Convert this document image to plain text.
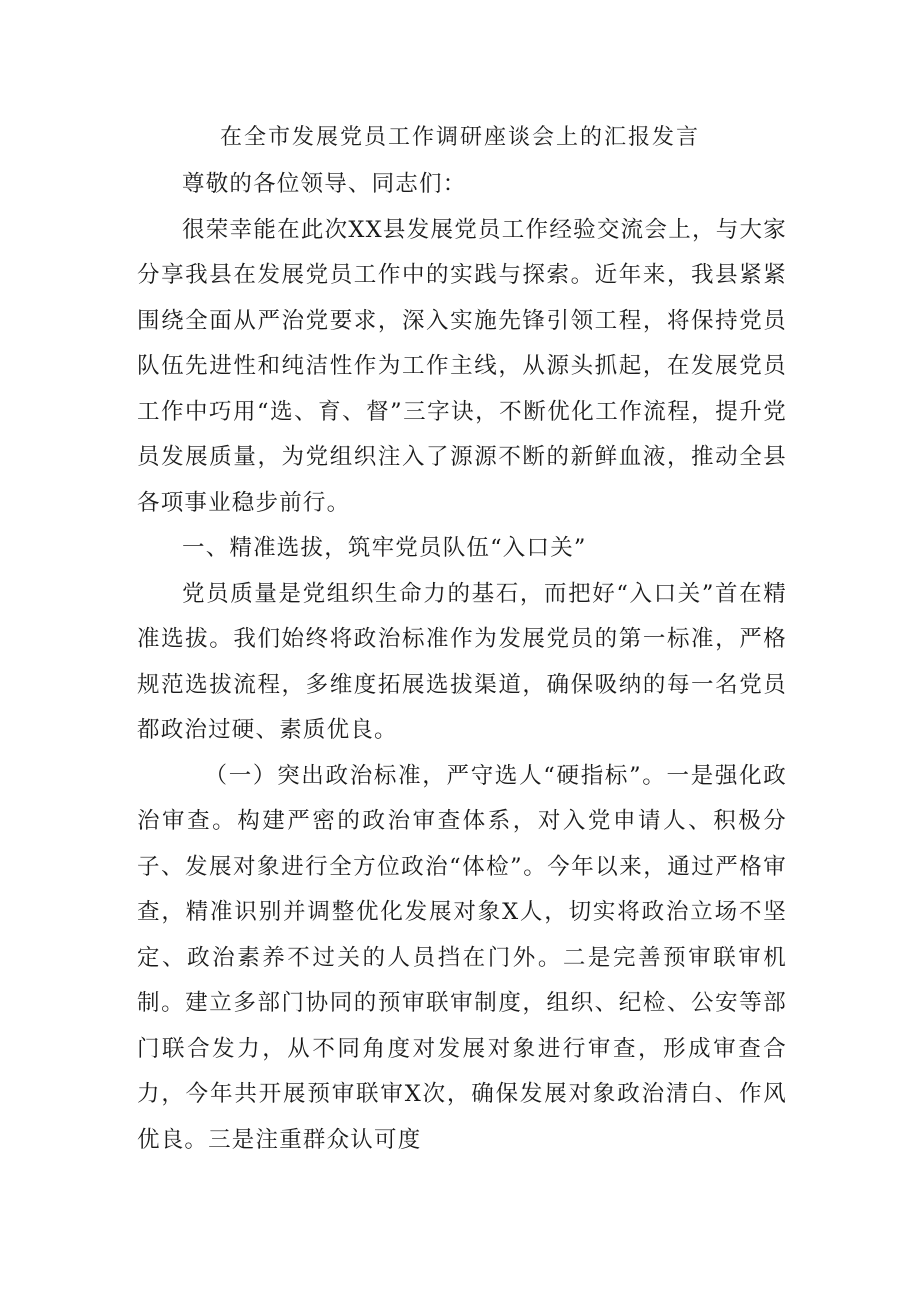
在全市发展党员工作调研座谈会上的汇报发言

尊敬的各位领导、同志们：

很荣幸能在此次XX县发展党员工作经验交流会上，与大家分享我县在发展党员工作中的实践与探索。近年来，我县紧紧围绕全面从严治党要求，深入实施先锋引领工程，将保持党员队伍先进性和纯洁性作为工作主线，从源头抓起，在发展党员工作中巧用“选、育、督”三字诀，不断优化工作流程，提升党员发展质量，为党组织注入了源源不断的新鲜血液，推动全县各项事业稳步前行。

一、精准选拔，筑牢党员队伍“入口关”

党员质量是党组织生命力的基石，而把好“入口关”首在精准选拔。我们始终将政治标准作为发展党员的第一标准，严格规范选拔流程，多维度拓展选拔渠道，确保吸纳的每一名党员都政治过硬、素质优良。

（一）突出政治标准，严守选人“硬指标”。一是强化政治审查。构建严密的政治审查体系，对入党申请人、积极分子、发展对象进行全方位政治“体检”。今年以来，通过严格审查，精准识别并调整优化发展对象X人，切实将政治立场不坚定、政治素养不过关的人员挡在门外。二是完善预审联审机制。建立多部门协同的预审联审制度，组织、纪检、公安等部门联合发力，从不同角度对发展对象进行审查，形成审查合力，今年共开展预审联审X次，确保发展对象政治清白、作风优良。三是注重群众认可度
